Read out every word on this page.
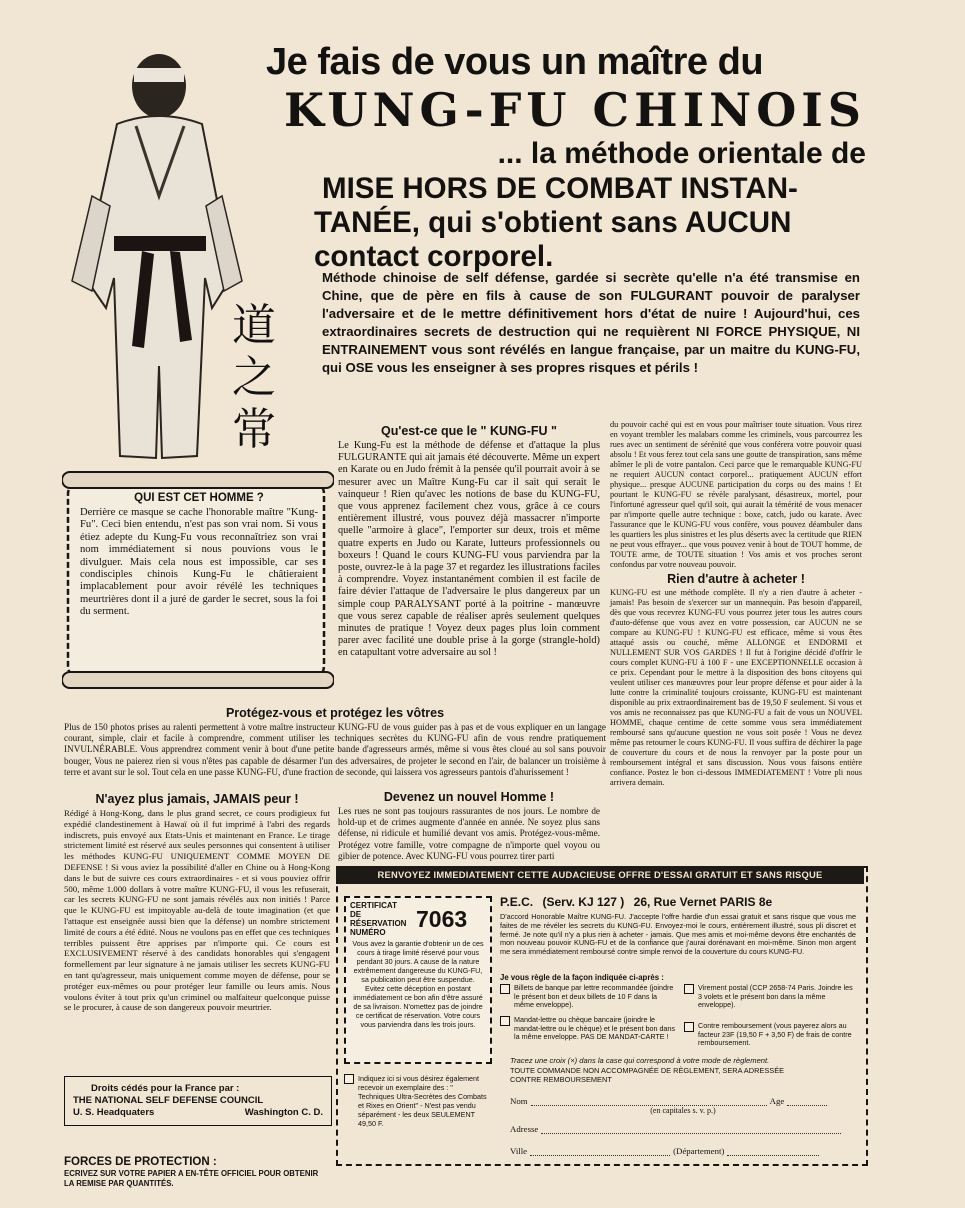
道
之
常
Je fais de vous un maître du
KUNG-FU CHINOIS
... la méthode orientale de
MISE HORS DE COMBAT INSTAN-
TANÉE, qui s'obtient sans AUCUN
contact corporel.

Méthode chinoise de self défense, gardée si secrète qu'elle n'a été transmise en Chine, que de père en fils à cause de son FULGURANT pouvoir de paralyser l'adversaire et de le mettre définitivement hors d'état de nuire ! Aujourd'hui, ces extraordinaires secrets de destruction qui ne requièrent NI FORCE PHYSIQUE, NI ENTRAINEMENT vous sont révélés en langue française, par un maitre du KUNG-FU, qui OSE vous les enseigner à ses propres risques et périls !

QUI EST CET HOMME ?

Derrière ce masque se cache l'honorable maître "Kung-Fu". Ceci bien entendu, n'est pas son vrai nom. Si vous étiez adepte du Kung-Fu vous reconnaîtriez son vrai nom immédiatement si nous pouvions vous le divulguer. Mais cela nous est impossible, car ses condisciples chinois Kung-Fu le châtieraient implacablement pour avoir révélé les techniques meurtrières dont il a juré de garder le secret, sous la foi du serment.

Qu'est-ce que le " KUNG-FU "

Le Kung-Fu est la méthode de défense et d'attaque la plus FULGURANTE qui ait jamais été découverte. Même un expert en Karate ou en Judo frémit à la pensée qu'il pourrait avoir à se mesurer avec un Maître Kung-Fu car il sait qui serait le vainqueur ! Rien qu'avec les notions de base du KUNG-FU, que vous apprenez facilement chez vous, grâce à ce cours entièrement illustré, vous pouvez déjà massacrer n'importe quelle "armoire à glace", l'emporter sur deux, trois et même quatre experts en Judo ou Karate, lutteurs professionnels ou boxeurs ! Quand le cours KUNG-FU vous parviendra par la poste, ouvrez-le à la page 37 et regardez les illustrations faciles à comprendre. Voyez instantanément combien il est facile de faire dévier l'attaque de l'adversaire le plus dangereux par un simple coup PARALYSANT porté à la poitrine - manœuvre que vous serez capable de réaliser après seulement quelques minutes de pratique ! Voyez deux pages plus loin comment parer avec facilité une double prise à la gorge (strangle-hold) en catapultant votre adversaire au sol !

du pouvoir caché qui est en vous pour maîtriser toute situation. Vous rirez en voyant trembler les malabars comme les criminels, vous parcourrez les rues avec un sentiment de sérénité que vous conférera votre pouvoir quasi absolu ! Et vous ferez tout cela sans une goutte de transpiration, sans même abîmer le pli de votre pantalon. Ceci parce que le remarquable KUNG-FU ne requiert AUCUN contact corporel... pratiquement AUCUN effort physique... presque AUCUNE participation du corps ou des mains ! Et pourtant le KUNG-FU se révèle paralysant, désastreux, mortel, pour l'infortuné agresseur quel qu'il soit, qui aurait la témérité de vous menacer par n'importe quelle autre technique : boxe, catch, judo ou karate. Avec l'assurance que le KUNG-FU vous confère, vous pouvez déambuler dans les quartiers les plus sinistres et les plus déserts avec la certitude que RIEN ne peut vous effrayer... que vous pouvez venir à bout de TOUT homme, de TOUTE arme, de TOUTE situation ! Vos amis et vos proches seront confondus par votre nouveau pouvoir.

Rien d'autre à acheter !

KUNG-FU est une méthode complète. Il n'y a rien d'autre à acheter - jamais! Pas besoin de s'exercer sur un mannequin. Pas besoin d'appareil, dès que vous recevrez KUNG-FU vous pourrez jeter tous les autres cours d'auto-défense que vous avez en votre possession, car AUCUN ne se compare au KUNG-FU ! KUNG-FU est efficace, même si vous êtes attaqué assis ou couché, même ALLONGE et ENDORMI et NULLEMENT SUR VOS GARDES ! Il fut à l'origine décidé d'offrir le cours complet KUNG-FU à 100 F - une EXCEPTIONNELLE occasion à ce prix. Cependant pour le mettre à la disposition des bons citoyens qui veulent utiliser ces manœuvres pour leur propre défense et pour aider à la lutte contre la criminalité toujours croissante, KUNG-FU est maintenant disponible au prix extraordinairement bas de 19,50 F seulement. Si vous et vos amis ne reconnaissez pas que KUNG-FU a fait de vous un NOUVEL HOMME, chaque centime de cette somme vous sera immédiatement remboursé sans qu'aucune question ne vous soit posée ! Vous ne devez même pas retourner le cours KUNG-FU. Il vous suffira de déchirer la page de couverture du cours et de nous la renvoyer par la poste pour un remboursement intégral et sans discussion. Nous vous faisons entière confiance. Postez le bon ci-dessous IMMEDIATEMENT ! Votre pli nous arrivera demain.

Protégez-vous et protégez les vôtres

Plus de 150 photos prises au ralenti permettent à votre maître instructeur KUNG-FU de vous guider pas à pas et de vous expliquer en un langage courant, simple, clair et facile à comprendre, comment utiliser les techniques secrètes du KUNG-FU afin de vous rendre pratiquement INVULNÉRABLE. Vous apprendrez comment venir à bout d'une petite bande d'agresseurs armés, même si vous êtes cloué au sol sans pouvoir bouger, Vous ne paierez rien si vous n'êtes pas capable de désarmer l'un des adversaires, de projeter le second en l'air, de balancer un troisième à terre et avant sur le sol. Tout cela en une passe KUNG-FU, d'une fraction de seconde, qui laissera vos agresseurs pantois d'ahurissement !

N'ayez plus jamais, JAMAIS peur !

Rédigé à Hong-Kong, dans le plus grand secret, ce cours prodigieux fut expédié clandestinement à Hawaï où il fut imprimé à l'abri des regards indiscrets, puis envoyé aux Etats-Unis et maintenant en France. Le tirage strictement limité est réservé aux seules personnes qui consentent à utiliser les méthodes KUNG-FU UNIQUEMENT COMME MOYEN DE DEFENSE ! Si vous aviez la possibilité d'aller en Chine ou à Hong-Kong dans le but de suivre ces cours extraordinaires - et si vous pouviez offrir 500, même 1.000 dollars à votre maître KUNG-FU, il vous les refuserait, car les secrets KUNG-FU ne sont jamais révélés aux non initiés ! Parce que le KUNG-FU est impitoyable au-delà de toute imagination (et que l'attaque est enseignée aussi bien que la défense) un nombre strictement limité de cours a été édité. Nous ne voulons pas en effet que ces techniques terribles puissent être apprises par n'importe qui. Ce cours est EXCLUSIVEMENT réservé à des candidats honorables qui s'engagent formellement par leur signature à ne jamais utiliser les secrets KUNG-FU en tant qu'agresseur, mais uniquement comme moyen de défense, pour se protéger eux-mêmes ou pour protéger leur famille ou leurs amis. Nous voulons éviter à tout prix qu'un criminel ou malfaiteur quelconque puisse se le procurer, à cause de son dangereux pouvoir meurtrier.

Devenez un nouvel Homme !

Les rues ne sont pas toujours rassurantes de nos jours. Le nombre de hold-up et de crimes augmente d'année en année. Ne soyez plus sans défense, ni ridicule et humilié devant vos amis. Protégez-vous-même. Protégez votre famille, votre compagne de n'importe quel voyou ou gibier de potence. Avec KUNG-FU vous pourrez tirer parti

Droits cédés pour la France par :
THE NATIONAL SELF DEFENSE COUNCIL
U. S. Headquaters	Washington C. D.
FORCES DE PROTECTION :
ECRIVEZ SUR VOTRE PAPIER A EN-TÊTE OFFICIEL POUR OBTENIR LA REMISE PAR QUANTITÉS.
RENVOYEZ IMMEDIATEMENT CETTE AUDACIEUSE OFFRE D'ESSAI GRATUIT ET SANS RISQUE
CERTIFICAT DE RÉSERVATION NUMÉRO
7063

Vous avez la garantie d'obtenir un de ces cours à tirage limité réservé pour vous pendant 30 jours. A cause de la nature extrêmement dangereuse du KUNG-FU, sa publication peut être suspendue. Evitez cette déception en postant immédiatement ce bon afin d'être assuré de sa livraison. N'omettez pas de joindre ce certificat de réservation. Votre cours vous parviendra dans les trois jours.

Indiquez ici si vous désirez également recevoir un exemplaire des : " Techniques Ultra-Secrètes des Combats et Rixes en Orient" - N'est pas vendu séparément - les deux SEULEMENT 49,50 F.

P.E.C. (Serv. KJ 127 ) 26, Rue Vernet PARIS 8e

D'accord Honorable Maître KUNG-FU. J'accepte l'offre hardie d'un essai gratuit et sans risque que vous me faites de me révéler les secrets du KUNG-FU. Envoyez-moi le cours, entièrement illustré, sous pli discret et fermé. Je note qu'il n'y a plus rien à acheter - jamais. Que mes amis et moi-même devons être enchantés de mon nouveau pouvoir KUNG-FU et de la confiance que j'aurai dorénavant en moi-même. Sinon mon argent me sera immédiatement remboursé contre simple renvoi de la couverture du cours KUNG-FU.

Je vous règle de la façon indiquée ci-après :
Billets de banque par lettre recommandée (joindre le présent bon et deux billets de 10 F dans la même enveloppe).
Virement postal (CCP 2658-74 Paris. Joindre les 3 volets et le présent bon dans la même enveloppe).
Mandat-lettre ou chèque bancaire (joindre le mandat-lettre ou le chèque) et le présent bon dans la même enveloppe. PAS DE MANDAT-CARTE !
Contre remboursement (vous payerez alors au facteur 23F (19,50 F + 3,50 F) de frais de contre remboursement.
Tracez une croix (×) dans la case qui correspond à votre mode de règlement.
TOUTE COMMANDE NON ACCOMPAGNÉE DE RÈGLEMENT, SERA ADRESSÉE CONTRE REMBOURSEMENT
Nom	Age
(en capitales s. v. p.)
Adresse
Ville	(Département)
